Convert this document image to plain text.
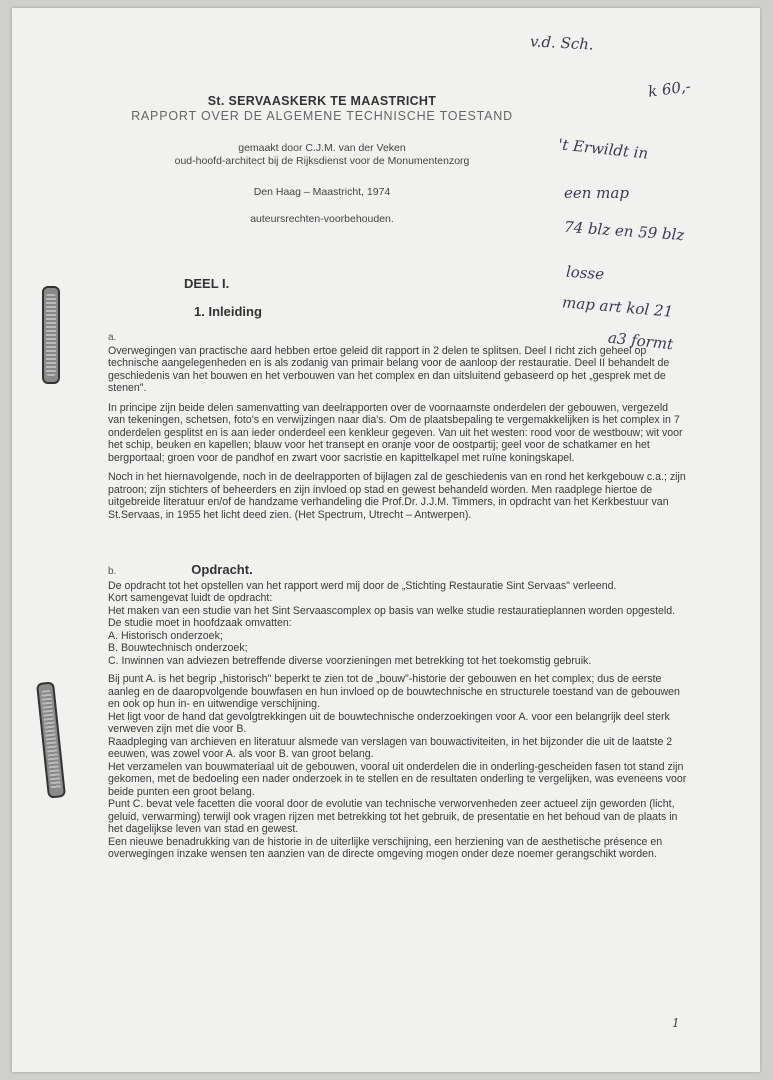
v.d. Sch.
k 60,-
't Erwildt in
een map
74 blz en 59 blz
losse
map art kol 21
a3 formt
St. SERVAASKERK TE MAASTRICHT
RAPPORT OVER DE ALGEMENE TECHNISCHE TOESTAND
gemaakt door C.J.M. van der Veken
oud-hoofd-architect bij de Rijksdienst voor de Monumentenzorg
Den Haag – Maastricht, 1974
auteursrechten-voorbehouden.
DEEL I.
1. Inleiding
a.

Overwegingen van practische aard hebben ertoe geleid dit rapport in 2 delen te splitsen. Deel I richt zich geheel op technische aangelegenheden en is als zodanig van primair belang voor de aanloop der restauratie. Deel II behandelt de geschiedenis van het bouwen en het verbouwen van het complex en dan uitsluitend gebaseerd op het „gesprek met de stenen".

In principe zijn beide delen samenvatting van deelrapporten over de voornaamste onderdelen der gebouwen, vergezeld van tekeningen, schetsen, foto's en verwijzingen naar dia's. Om de plaatsbepaling te vergemakkelijken is het complex in 7 onderdelen gesplitst en is aan ieder onderdeel een kenkleur gegeven. Van uit het westen: rood voor de westbouw; wit voor het schip, beuken en kapellen; blauw voor het transept en oranje voor de oostpartij; geel voor de schatkamer en het bergportaal; groen voor de pandhof en zwart voor sacristie en kapittelkapel met ruïne koningskapel.

Noch in het hiernavolgende, noch in de deelrapporten of bijlagen zal de geschiedenis van en rond het kerkgebouw c.a.; zijn patroon; zijn stichters of beheerders en zijn invloed op stad en gewest behandeld worden. Men raadplege hiertoe de uitgebreide literatuur en/of de handzame verhandeling die Prof.Dr. J.J.M. Timmers, in opdracht van het Kerkbestuur van St.Servaas, in 1955 het licht deed zien. (Het Spectrum, Utrecht – Antwerpen).

b.	Opdracht.
De opdracht tot het opstellen van het rapport werd mij door de „Stichting Restauratie Sint Servaas" verleend.
Kort samengevat luidt de opdracht:
Het maken van een studie van het Sint Servaascomplex op basis van welke studie restauratieplannen worden opgesteld.
De studie moet in hoofdzaak omvatten:
A. Historisch onderzoek;
B. Bouwtechnisch onderzoek;
C. Inwinnen van adviezen betreffende diverse voorzieningen met betrekking tot het toekomstig gebruik.
Bij punt A. is het begrip „historisch" beperkt te zien tot de „bouw"-historie der gebouwen en het complex; dus de eerste aanleg en de daaropvolgende bouwfasen en hun invloed op de bouwtechnische en structurele toestand van de gebouwen en ook op hun in- en uitwendige verschijning.
Het ligt voor de hand dat gevolgtrekkingen uit de bouwtechnische onderzoekingen voor A. voor een belangrijk deel sterk verweven zijn met die voor B.
Raadpleging van archieven en literatuur alsmede van verslagen van bouwactiviteiten, in het bijzonder die uit de laatste 2 eeuwen, was zowel voor A. als voor B. van groot belang.
Het verzamelen van bouwmateriaal uit de gebouwen, vooral uit onderdelen die in onderling-gescheiden fasen tot stand zijn gekomen, met de bedoeling een nader onderzoek in te stellen en de resultaten onderling te vergelijken, was eveneens voor beide punten een groot belang.
Punt C. bevat vele facetten die vooral door de evolutie van technische verworvenheden zeer actueel zijn geworden (licht, geluid, verwarming) terwijl ook vragen rijzen met betrekking tot het gebruik, de presentatie en het behoud van de plaats in het dagelijkse leven van stad en gewest.
Een nieuwe benadrukking van de historie in de uiterlijke verschijning, een herziening van de aesthetische présence en overwegingen inzake wensen ten aanzien van de directe omgeving mogen onder deze noemer gerangschikt worden.
1
